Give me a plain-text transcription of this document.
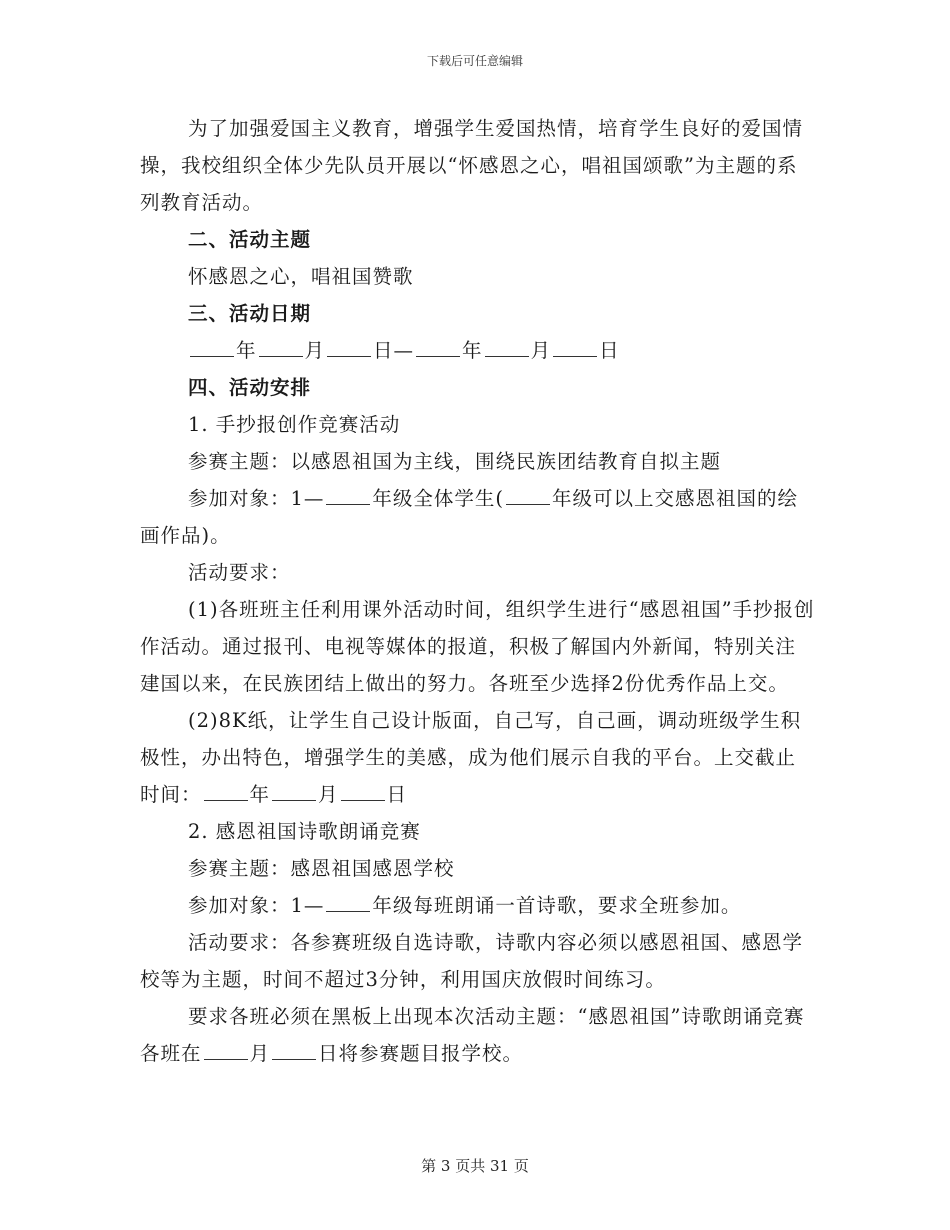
下载后可任意编辑

为了加强爱国主义教育，增强学生爱国热情，培育学生良好的爱国情操，我校组织全体少先队员开展以“怀感恩之心，唱祖国颂歌”为主题的系列教育活动。

二、活动主题

怀感恩之心，唱祖国赞歌

三、活动日期

年 月 日— 年 月 日

四、活动安排

1. 手抄报创作竞赛活动

参赛主题：以感恩祖国为主线，围绕民族团结教育自拟主题

参加对象：1— 年级全体学生( 年级可以上交感恩祖国的绘画作品)。

活动要求：

(1)各班班主任利用课外活动时间，组织学生进行“感恩祖国”手抄报创作活动。通过报刊、电视等媒体的报道，积极了解国内外新闻，特别关注建国以来，在民族团结上做出的努力。各班至少选择2份优秀作品上交。

(2)8K纸，让学生自己设计版面，自己写，自己画，调动班级学生积极性，办出特色，增强学生的美感，成为他们展示自我的平台。上交截止时间： 年 月 日

2. 感恩祖国诗歌朗诵竞赛

参赛主题：感恩祖国感恩学校

参加对象：1— 年级每班朗诵一首诗歌，要求全班参加。

活动要求：各参赛班级自选诗歌，诗歌内容必须以感恩祖国、感恩学校等为主题，时间不超过3分钟，利用国庆放假时间练习。

要求各班必须在黑板上出现本次活动主题：“感恩祖国”诗歌朗诵竞赛各班在 月 日将参赛题目报学校。

第 3 页共 31 页
